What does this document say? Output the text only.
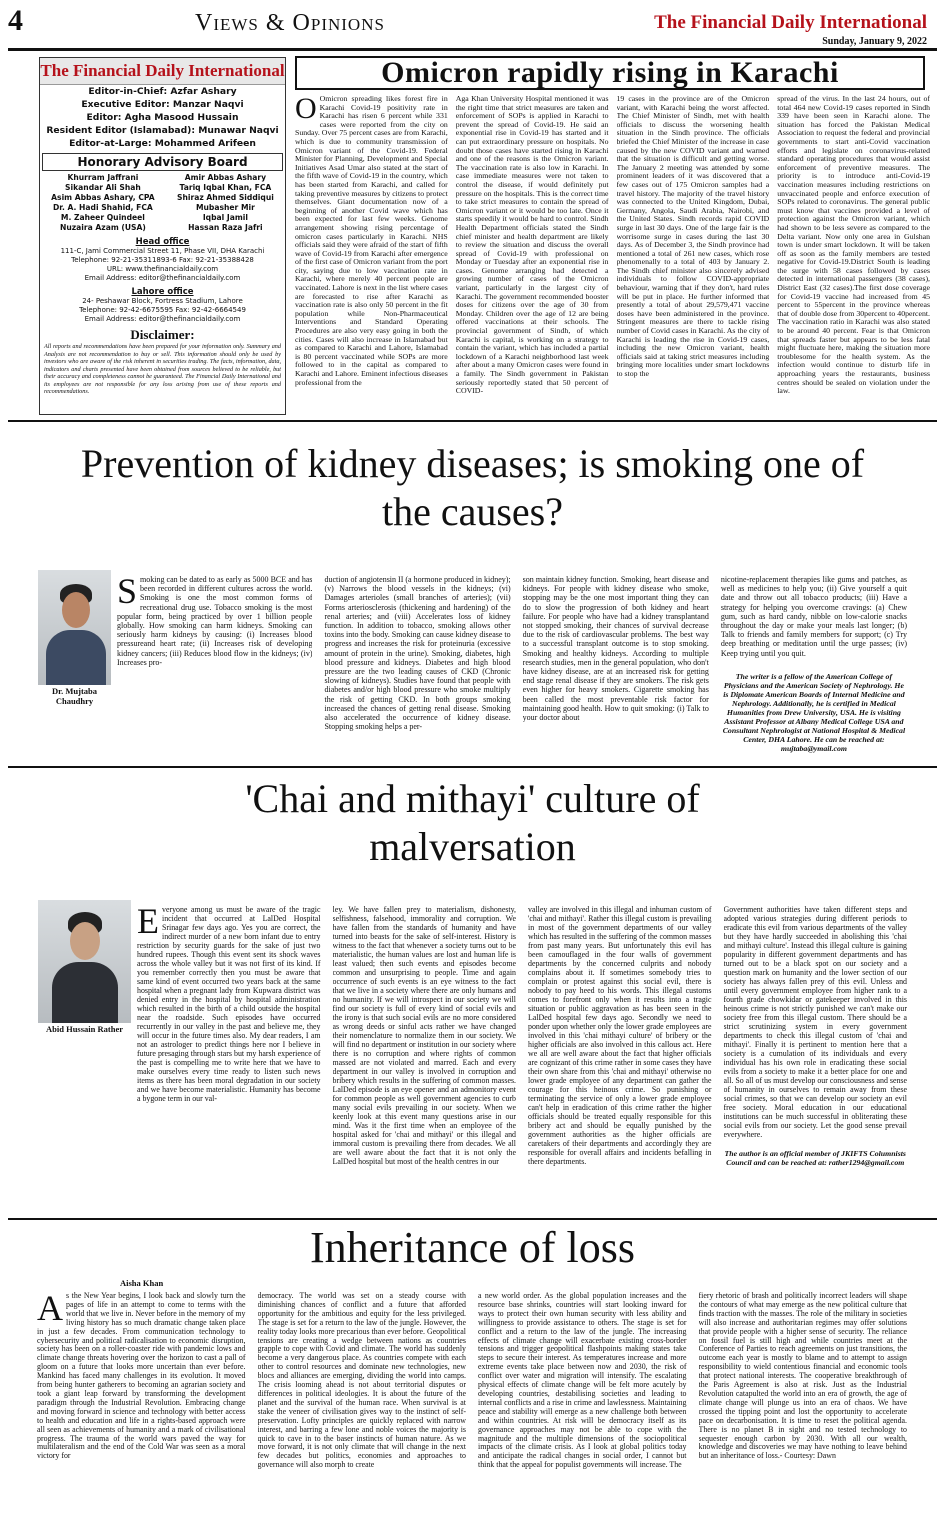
4	Views & Opinions	The Financial Daily International
Sunday, January 9, 2022
The Financial Daily International
Editor-in-Chief: Azfar Ashary
Executive Editor: Manzar Naqvi
Editor: Agha Masood Hussain
Resident Editor (Islamabad): Munawar Naqvi
Editor-at-Large: Mohammed Arifeen
Honorary Advisory Board
Khurram Jaffrani
Sikandar Ali Shah
Asim Abbas Ashary, CPA
Dr. A. Hadi Shahid, FCA
M. Zaheer Quindeel
Nuzaira Azam (USA)
Amir Abbas Ashary
Tariq Iqbal Khan, FCA
Shiraz Ahmed Siddiqui
Mubasher Mir
Iqbal Jamil
Hassan Raza Jafri
Head office
111-C, Jami Commercial Street 11, Phase VII, DHA Karachi
Telephone: 92-21-35311893-6 Fax: 92-21-35388428
URL: www.thefinancialdaily.com
Email Address: editor@thefinancialdaily.com
Lahore office
24- Peshawar Block, Fortress Stadium, Lahore
Telephone: 92-42-6675595 Fax: 92-42-6664549
Email Address: editor@thefinancialdaily.com
Disclaimer:
All reports and recommendations have been prepared for your information only. Summary and Analysis are not recommendation to buy or sell. This information should only be used by investors who are aware of the risk inherent in securities trading. The facts, information, data, indicators and charts presented have been obtained from sources believed to be reliable, but their accuracy and completeness cannot be guaranteed. The Financial Daily International and its employees are not responsible for any loss arising from use of these reports and recommendations.
Omicron rapidly rising in Karachi
O Omicron spreading likes forest fire in Karachi Covid-19 positivity rate in Karachi has risen 6 percent while 331 cases were reported from the city on Sunday. Over 75 percent cases are from Karachi, which is due to community transmission of Omicron variant of the Covid-19. Federal Minister for Planning, Development and Special Initiatives Asad Umar also stated at the start of the fifth wave of Covid-19 in the country, which has been started from Karachi, and called for taking preventive measures by citizens to protect themselves. Giant documentation now of a beginning of another Covid wave which has been expected for last few weeks. Genome arrangement showing rising percentage of omicron cases particularly in Karachi. NHS officials said they were afraid of the start of fifth wave of Covid-19 from Karachi after emergence of the first case of Omicron variant from the port city, saying due to low vaccination rate in Karachi, where merely 40 percent people are vaccinated. Lahore is next in the list where cases are forecasted to rise after Karachi as vaccination rate is also only 50 percent in the fit population while Non-Pharmaceutical Interventions and Standard Operating Procedures are also very easy going in both the cities. Cases will also increase in Islamabad but as compared to Karachi and Lahore, Islamabad is 80 percent vaccinated while SOPs are more followed to in the capital as compared to Karachi and Lahore. Eminent infectious diseases professional from the
Aga Khan University Hospital mentioned it was the right time that strict measures are taken and enforcement of SOPs is applied in Karachi to prevent the spread of Covid-19. He said an exponential rise in Covid-19 has started and it can put extraordinary pressure on hospitals. No doubt those cases have started rising in Karachi and one of the reasons is the Omicron variant. The vaccination rate is also low in Karachi. In case immediate measures were not taken to control the disease, if would definitely put pressure on the hospitals. This is the correct time to take strict measures to contain the spread of Omicron variant or it would be too late. Once it starts speedily it would be hard to control. Sindh Health Department officials stated the Sindh chief minister and health department are likely to review the situation and discuss the overall spread of Covid-19 with professional on Monday or Tuesday after an exponential rise in cases. Genome arranging had detected a growing number of cases of the Omicron variant, particularly in the largest city of Karachi. The government recommended booster doses for citizens over the age of 30 from Monday. Children over the age of 12 are being offered vaccinations at their schools. The provincial government of Sindh, of which Karachi is capital, is working on a strategy to contain the variant, which has included a partial lockdown of a Karachi neighborhood last week after about a many Omicron cases were found in a family. The Sindh government in Pakistan seriously reportedly stated that 50 percent of COVID-
19 cases in the province are of the Omicron variant, with Karachi being the worst affected. The Chief Minister of Sindh, met with health officials to discuss the worsening health situation in the Sindh province. The officials briefed the Chief Minister of the increase in case caused by the new COVID variant and warned that the situation is difficult and getting worse. The January 2 meeting was attended by some prominent leaders of it was discovered that a few cases out of 175 Omicron samples had a travel history. The majority of the travel history was connected to the United Kingdom, Dubai, Germany, Angola, Saudi Arabia, Nairobi, and the United States. Sindh records rapid COVID surge in last 30 days. One of the large fair is the worrisome surge in cases during the last 30 days. As of December 3, the Sindh province had mentioned a total of 261 new cases, which rose phenomenally to a total of 403 by January 2. The Sindh chief minister also sincerely advised individuals to follow COVID-appropriate behaviour, warning that if they don't, hard rules will be put in place. He further informed that presently a total of about 29,579,471 vaccine doses have been administered in the province. Stringent measures are there to tackle rising number of Covid cases in Karachi. As the city of Karachi is leading the rise in Covid-19 cases, including the new Omicron variant, health officials said at taking strict measures including bringing more localities under smart lockdowns to stop the
spread of the virus. In the last 24 hours, out of total 464 new Covid-19 cases reported in Sindh 339 have been seen in Karachi alone. The situation has forced the Pakistan Medical Association to request the federal and provincial governments to start anti-Covid vaccination efforts and legislate on coronavirus-related standard operating procedures that would assist enforcement of preventive measures. The priority is to introduce anti-Covid-19 vaccination measures including restrictions on unvaccinated people and enforce execution of SOPs related to coronavirus. The general public must know that vaccines provided a level of protection against the Omicron variant, which had shown to be less severe as compared to the Delta variant. Now only one area in Gulshan town is under smart lockdown. It will be taken off as soon as the family members are tested negative for Covid-19.District South is leading the surge with 58 cases followed by cases detected in international passengers (38 cases), District East (32 cases).The first dose coverage for Covid-19 vaccine had increased from 45 percent to 55percent in the province whereas that of double dose from 30percent to 40percent. The vaccination ratio in Karachi was also stated to be around 40 percent. Fear is that Omicron that spreads faster but appears to be less fatal might fluctuate here, making the situation more troublesome for the health system. As the infection would continue to disturb life in approaching years the restaurants, business centres should be sealed on violation under the law.
Prevention of kidney diseases; is smoking one of the causes?
Dr. Mujtaba Chaudhry
Smoking can be dated to as early as 5000 BCE and has been recorded in different cultures across the world. Smoking is one the most common forms of recreational drug use. Tobacco smoking is the most popular form, being practiced by over 1 billion people globally. How smoking can harm kidneys. Smoking can seriously harm kidneys by causing: (i) Increases blood pressureand heart rate; (ii) Increases risk of developing kidney cancers; (iii) Reduces blood flow in the kidneys; (iv) Increases pro-
duction of angiotensin II (a hormone produced in kidney); (v) Narrows the blood vessels in the kidneys; (vi) Damages arterioles (small branches of arteries); (vii) Forms arteriosclerosis (thickening and hardening) of the renal arteries; and (viii) Accelerates loss of kidney function. In addition to tobacco, smoking allows other toxins into the body. Smoking can cause kidney disease to progress and increases the risk for proteinuria (excessive amount of protein in the urine). Smoking, diabetes, high blood pressure and kidneys. Diabetes and high blood pressure are the two leading causes of CKD (Chronic slowing of kidneys). Studies have found that people with diabetes and/or high blood pressure who smoke multiply the risk of getting CKD. In both groups smoking increased the chances of getting renal disease. Smoking also accelerated the occurrence of kidney disease. Stopping smoking helps a per-
son maintain kidney function. Smoking, heart disease and kidneys. For people with kidney disease who smoke, stopping may be the one most important thing they can do to slow the progression of both kidney and heart failure. For people who have had a kidney transplantand not stopped smoking, their chances of survival decrease due to the risk of cardiovascular problems. The best way to a successful transplant outcome is to stop smoking. Smoking and healthy kidneys. According to multiple research studies, men in the general population, who don't have kidney disease, are at an increased risk for getting end stage renal disease if they are smokers. The risk gets even higher for heavy smokers. Cigarette smoking has been called the most preventable risk factor for maintaining good health. How to quit smoking: (i) Talk to your doctor about
nicotine-replacement therapies like gums and patches, as well as medicines to help you; (ii) Give yourself a quit date and throw out all tobacco products; (iii) Have a strategy for helping you overcome cravings: (a) Chew gum, such as hard candy, nibble on low-calorie snacks throughout the day or make your meals last longer; (b) Talk to friends and family members for support; (c) Try deep breathing or meditation until the urge passes; (iv) Keep trying until you quit.
The writer is a fellow of the American College of Physicians and the American Society of Nephrology. He is Diplomate American Boards of Internal Medicine and Nephrology. Additionally, he is certified in Medical Humanities from Drew University, USA. He is visiting Assistant Professor at Albany Medical College USA and Consultant Nephrologist at National Hospital & Medical Center, DHA Lahore. He can be reached at: mujtaba@ymail.com
'Chai and mithayi' culture of malversation
Abid Hussain Rather
Everyone among us must be aware of the tragic incident that occurred at LalDed Hospital Srinagar few days ago. Yes you are correct, the indirect murder of a new born infant due to entry restriction by security guards for the sake of just two hundred rupees. Though this event sent its shock waves across the whole valley but it was not first of its kind. If you remember correctly then you must be aware that same kind of event occurred two years back at the same hospital when a pregnant lady from Kupwara district was denied entry in the hospital by hospital administration which resulted in the birth of a child outside the hospital near the roadside. Such episodes have occurred recurrently in our valley in the past and believe me, they will occur in the future times also. My dear readers, I am not an astrologer to predict things here nor I believe in future presaging through stars but my harsh experience of the past is compelling me to write here that we have to make ourselves every time ready to listen such news items as there has been moral degradation in our society and we have become materialistic. Humanity has become a bygone term in our val-
ley. We have fallen prey to materialism, dishonesty, selfishness, falsehood, immorality and corruption. We have fallen from the standards of humanity and have turned into beasts for the sake of self-interest. History is witness to the fact that whenever a society turns out to be materialistic, the human values are lost and human life is least valued; then such events and episodes become common and unsurprising to people. Time and again occurrence of such events is an eye witness to the fact that we live in a society where there are only humans and no humanity. If we will introspect in our society we will find our society is full of every kind of social evils and the irony is that such social evils are no more considered as wrong deeds or sinful acts rather we have changed their nomenclature to normalize them in our society. We will find no department or institution in our society where there is no corruption and where rights of common massed are not violated and marred. Each and every department in our valley is involved in corruption and bribery which results in the suffering of common masses. LalDed episode is an eye opener and an admonitory event for common people as well government agencies to curb many social evils prevailing in our society. When we keenly look at this event many questions arise in our mind. Was it the first time when an employee of the hospital asked for 'chai and mithayi' or this illegal and immoral custom is prevailing there from decades. We all are well aware about the fact that it is not only the LalDed hospital but most of the health centres in our
valley are involved in this illegal and inhuman custom of 'chai and mithayi'. Rather this illegal custom is prevailing in most of the government departments of our valley which has resulted in the suffering of the common masses from past many years. But unfortunately this evil has been camouflaged in the four walls of government departments by the concerned culprits and nobody complains about it. If sometimes somebody tries to complain or protest against this social evil, there is nobody to pay heed to his words. This illegal customs comes to forefront only when it results into a tragic situation or public aggravation as has been seen in the LalDed hospital few days ago. Secondly we need to ponder upon whether only the lower grade employees are involved in this 'chai mithayi culture' of bribery or the higher officials are also involved in this callous act. Here we all are well aware about the fact that higher officials are cognizant of this crime rather in some cases they have their own share from this 'chai and mithayi' otherwise no lower grade employee of any department can gather the courage for this heinous crime. So punishing or terminating the service of only a lower grade employee can't help in eradication of this crime rather the higher officials should be treated equally responsible for this bribery act and should be equally punished by the government authorities as the higher officials are caretakers of their departments and accordingly they are responsible for overall affairs and incidents befalling in there departments.
Government authorities have taken different steps and adopted various strategies during different periods to eradicate this evil from various departments of the valley but they have hardly succeeded in abolishing this 'chai and mithayi culture'. Instead this illegal culture is gaining popularity in different government departments and has turned out to be a black spot on our society and a question mark on humanity and the lower section of our society has always fallen prey of this evil. Unless and until every government employee from higher rank to a fourth grade chowkidar or gatekeeper involved in this heinous crime is not strictly punished we can't make our society free from this illegal custom. There should be a strict scrutinizing system in every government departments to check this illegal custom of 'chai and mithayi'. Finally it is pertinent to mention here that a society is a cumulation of its individuals and every individual has his own role in eradicating these social evils from a society to make it a better place for one and all. So all of us must develop our consciousness and sense of humanity in ourselves to remain away from these social crimes, so that we can develop our society an evil free society. Moral education in our educational institutions can be much successful in obliterating these social evils from our society. Let the good sense prevail everywhere.
The author is an official member of JKIFTS Columnists Council and can be reached at: rather1294@gmail.com
Inheritance of loss
Aisha Khan
As the New Year begins, I look back and slowly turn the pages of life in an attempt to come to terms with the world that we live in. Never before in the memory of my living history has so much dramatic change taken place in just a few decades. From communication technology to cybersecurity and political radicalisation to economic disruption, society has been on a roller-coaster ride with pandemic lows and climate change threats hovering over the horizon to cast a pall of gloom on a future that looks more uncertain than ever before. Mankind has faced many challenges in its evolution. It moved from being hunter gatherers to becoming an agrarian society and took a giant leap forward by transforming the development paradigm through the Industrial Revolution. Embracing change and moving forward in science and technology with better access to health and education and life in a rights-based approach were all seen as achievements of humanity and a mark of civilisational progress. The trauma of the world wars paved the way for multilateralism and the end of the Cold War was seen as a moral victory for
democracy. The world was set on a steady course with diminishing chances of conflict and a future that afforded opportunity for the ambitious and equity for the less privileged. The stage is set for a return to the law of the jungle. However, the reality today looks more precarious than ever before. Geopolitical tensions are creating a wedge between nations as countries grapple to cope with Covid and climate. The world has suddenly become a very dangerous place. As countries compete with each other to control resources and dominate new technologies, new blocs and alliances are emerging, dividing the world into camps. The crisis looming ahead is not about territorial disputes or differences in political ideologies. It is about the future of the planet and the survival of the human race. When survival is at stake the veneer of civilisation gives way to the instinct of self-preservation. Lofty principles are quickly replaced with narrow interest, and barring a few lone and noble voices the majority is quick to cave in to the baser instincts of human nature. As we move forward, it is not only climate that will change in the next few decades but politics, economies and approaches to governance will also morph to create
a new world order. As the global population increases and the resource base shrinks, countries will start looking inward for ways to protect their own human security with less ability and willingness to provide assistance to others. The stage is set for conflict and a return to the law of the jungle. The increasing effects of climate change will exacerbate existing cross-border tensions and trigger geopolitical flashpoints making states take steps to secure their interest. As temperatures increase and more extreme events take place between now and 2030, the risk of conflict over water and migration will intensify. The escalating physical effects of climate change will be felt more acutely by developing countries, destabilising societies and leading to internal conflicts and a rise in crime and lawlessness. Maintaining peace and stability will emerge as a new challenge both between and within countries. At risk will be democracy itself as its governance approaches may not be able to cope with the magnitude and the multiple dimensions of the sociopolitical impacts of the climate crisis. As I look at global politics today and anticipate the radical changes in social order, I cannot but think that the appeal for populist governments will increase. The
fiery rhetoric of brash and politically incorrect leaders will shape the contours of what may emerge as the new political culture that finds traction with the masses. The role of the military in societies will also increase and authoritarian regimes may offer solutions that provide people with a higher sense of security. The reliance on fossil fuel is still high and while countries meet at the Conference of Parties to reach agreements on just transitions, the outcome each year is mostly to blame and to attempt to assign responsibility to wield contentious financial and economic tools that protect national interests. The cooperative breakthrough of the Paris Agreement is also at risk. Just as the Industrial Revolution catapulted the world into an era of growth, the age of climate change will plunge us into an era of chaos. We have crossed the tipping point and lost the opportunity to accelerate pace on decarbonisation. It is time to reset the political agenda. There is no planet B in sight and no tested technology to sequester enough carbon by 2030. With all our wealth, knowledge and discoveries we may have nothing to leave behind but an inheritance of loss.- Courtesy: Dawn
